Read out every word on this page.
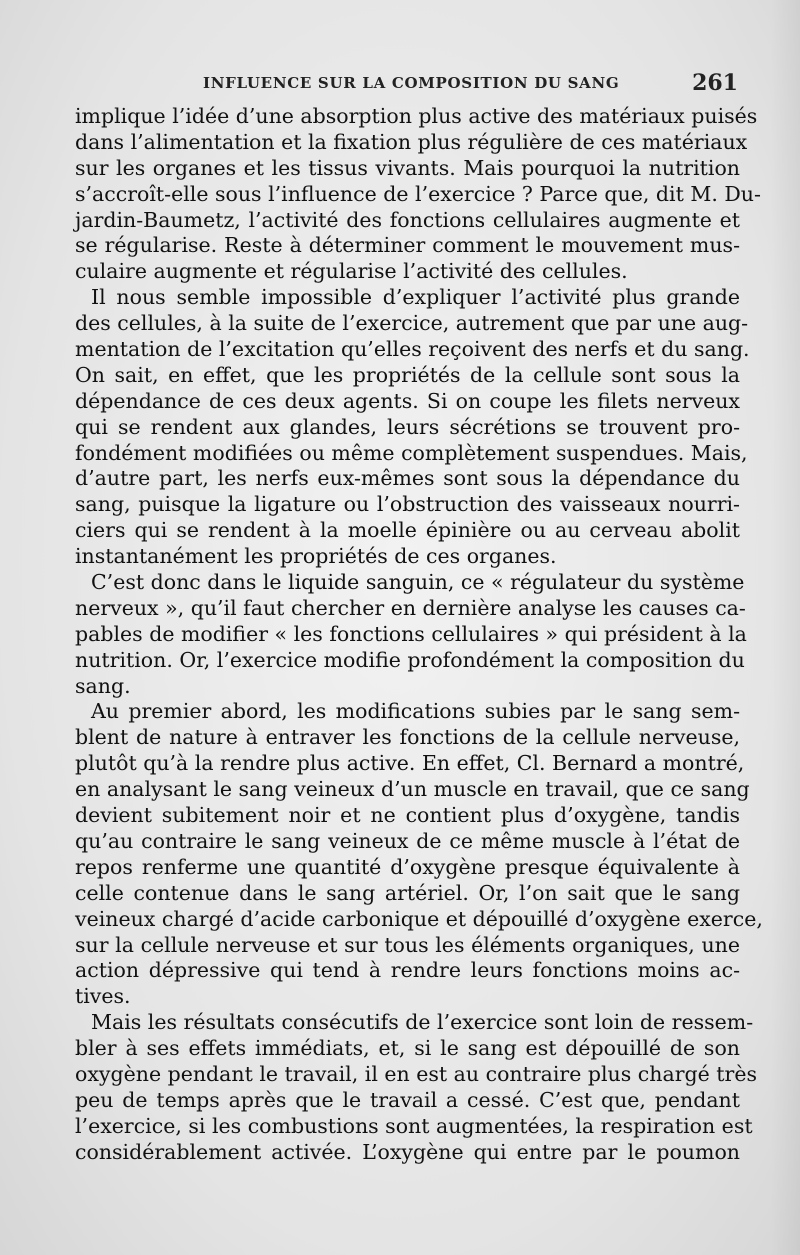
INFLUENCE SUR LA COMPOSITION DU SANG	261
implique l’idée d’une absorption plus active des matériaux puisés
dans l’alimentation et la fixation plus régulière de ces matériaux
sur les organes et les tissus vivants. Mais pourquoi la nutrition
s’accroît-elle sous l’influence de l’exercice ? Parce que, dit M. Du-
jardin-Baumetz, l’activité des fonctions cellulaires augmente et
se régularise. Reste à déterminer comment le mouvement mus-
culaire augmente et régularise l’activité des cellules.
Il nous semble impossible d’expliquer l’activité plus grande
des cellules, à la suite de l’exercice, autrement que par une aug-
mentation de l’excitation qu’elles reçoivent des nerfs et du sang.
On sait, en effet, que les propriétés de la cellule sont sous la
dépendance de ces deux agents. Si on coupe les filets nerveux
qui se rendent aux glandes, leurs sécrétions se trouvent pro-
fondément modifiées ou même complètement suspendues. Mais,
d’autre part, les nerfs eux-mêmes sont sous la dépendance du
sang, puisque la ligature ou l’obstruction des vaisseaux nourri-
ciers qui se rendent à la moelle épinière ou au cerveau abolit
instantanément les propriétés de ces organes.
C’est donc dans le liquide sanguin, ce « régulateur du système
nerveux », qu’il faut chercher en dernière analyse les causes ca-
pables de modifier « les fonctions cellulaires » qui président à la
nutrition. Or, l’exercice modifie profondément la composition du
sang.
Au premier abord, les modifications subies par le sang sem-
blent de nature à entraver les fonctions de la cellule nerveuse,
plutôt qu’à la rendre plus active. En effet, Cl. Bernard a montré,
en analysant le sang veineux d’un muscle en travail, que ce sang
devient subitement noir et ne contient plus d’oxygène, tandis
qu’au contraire le sang veineux de ce même muscle à l’état de
repos renferme une quantité d’oxygène presque équivalente à
celle contenue dans le sang artériel. Or, l’on sait que le sang
veineux chargé d’acide carbonique et dépouillé d’oxygène exerce,
sur la cellule nerveuse et sur tous les éléments organiques, une
action dépressive qui tend à rendre leurs fonctions moins ac-
tives.
Mais les résultats consécutifs de l’exercice sont loin de ressem-
bler à ses effets immédiats, et, si le sang est dépouillé de son
oxygène pendant le travail, il en est au contraire plus chargé très
peu de temps après que le travail a cessé. C’est que, pendant
l’exercice, si les combustions sont augmentées, la respiration est
considérablement activée. L’oxygène qui entre par le poumon
